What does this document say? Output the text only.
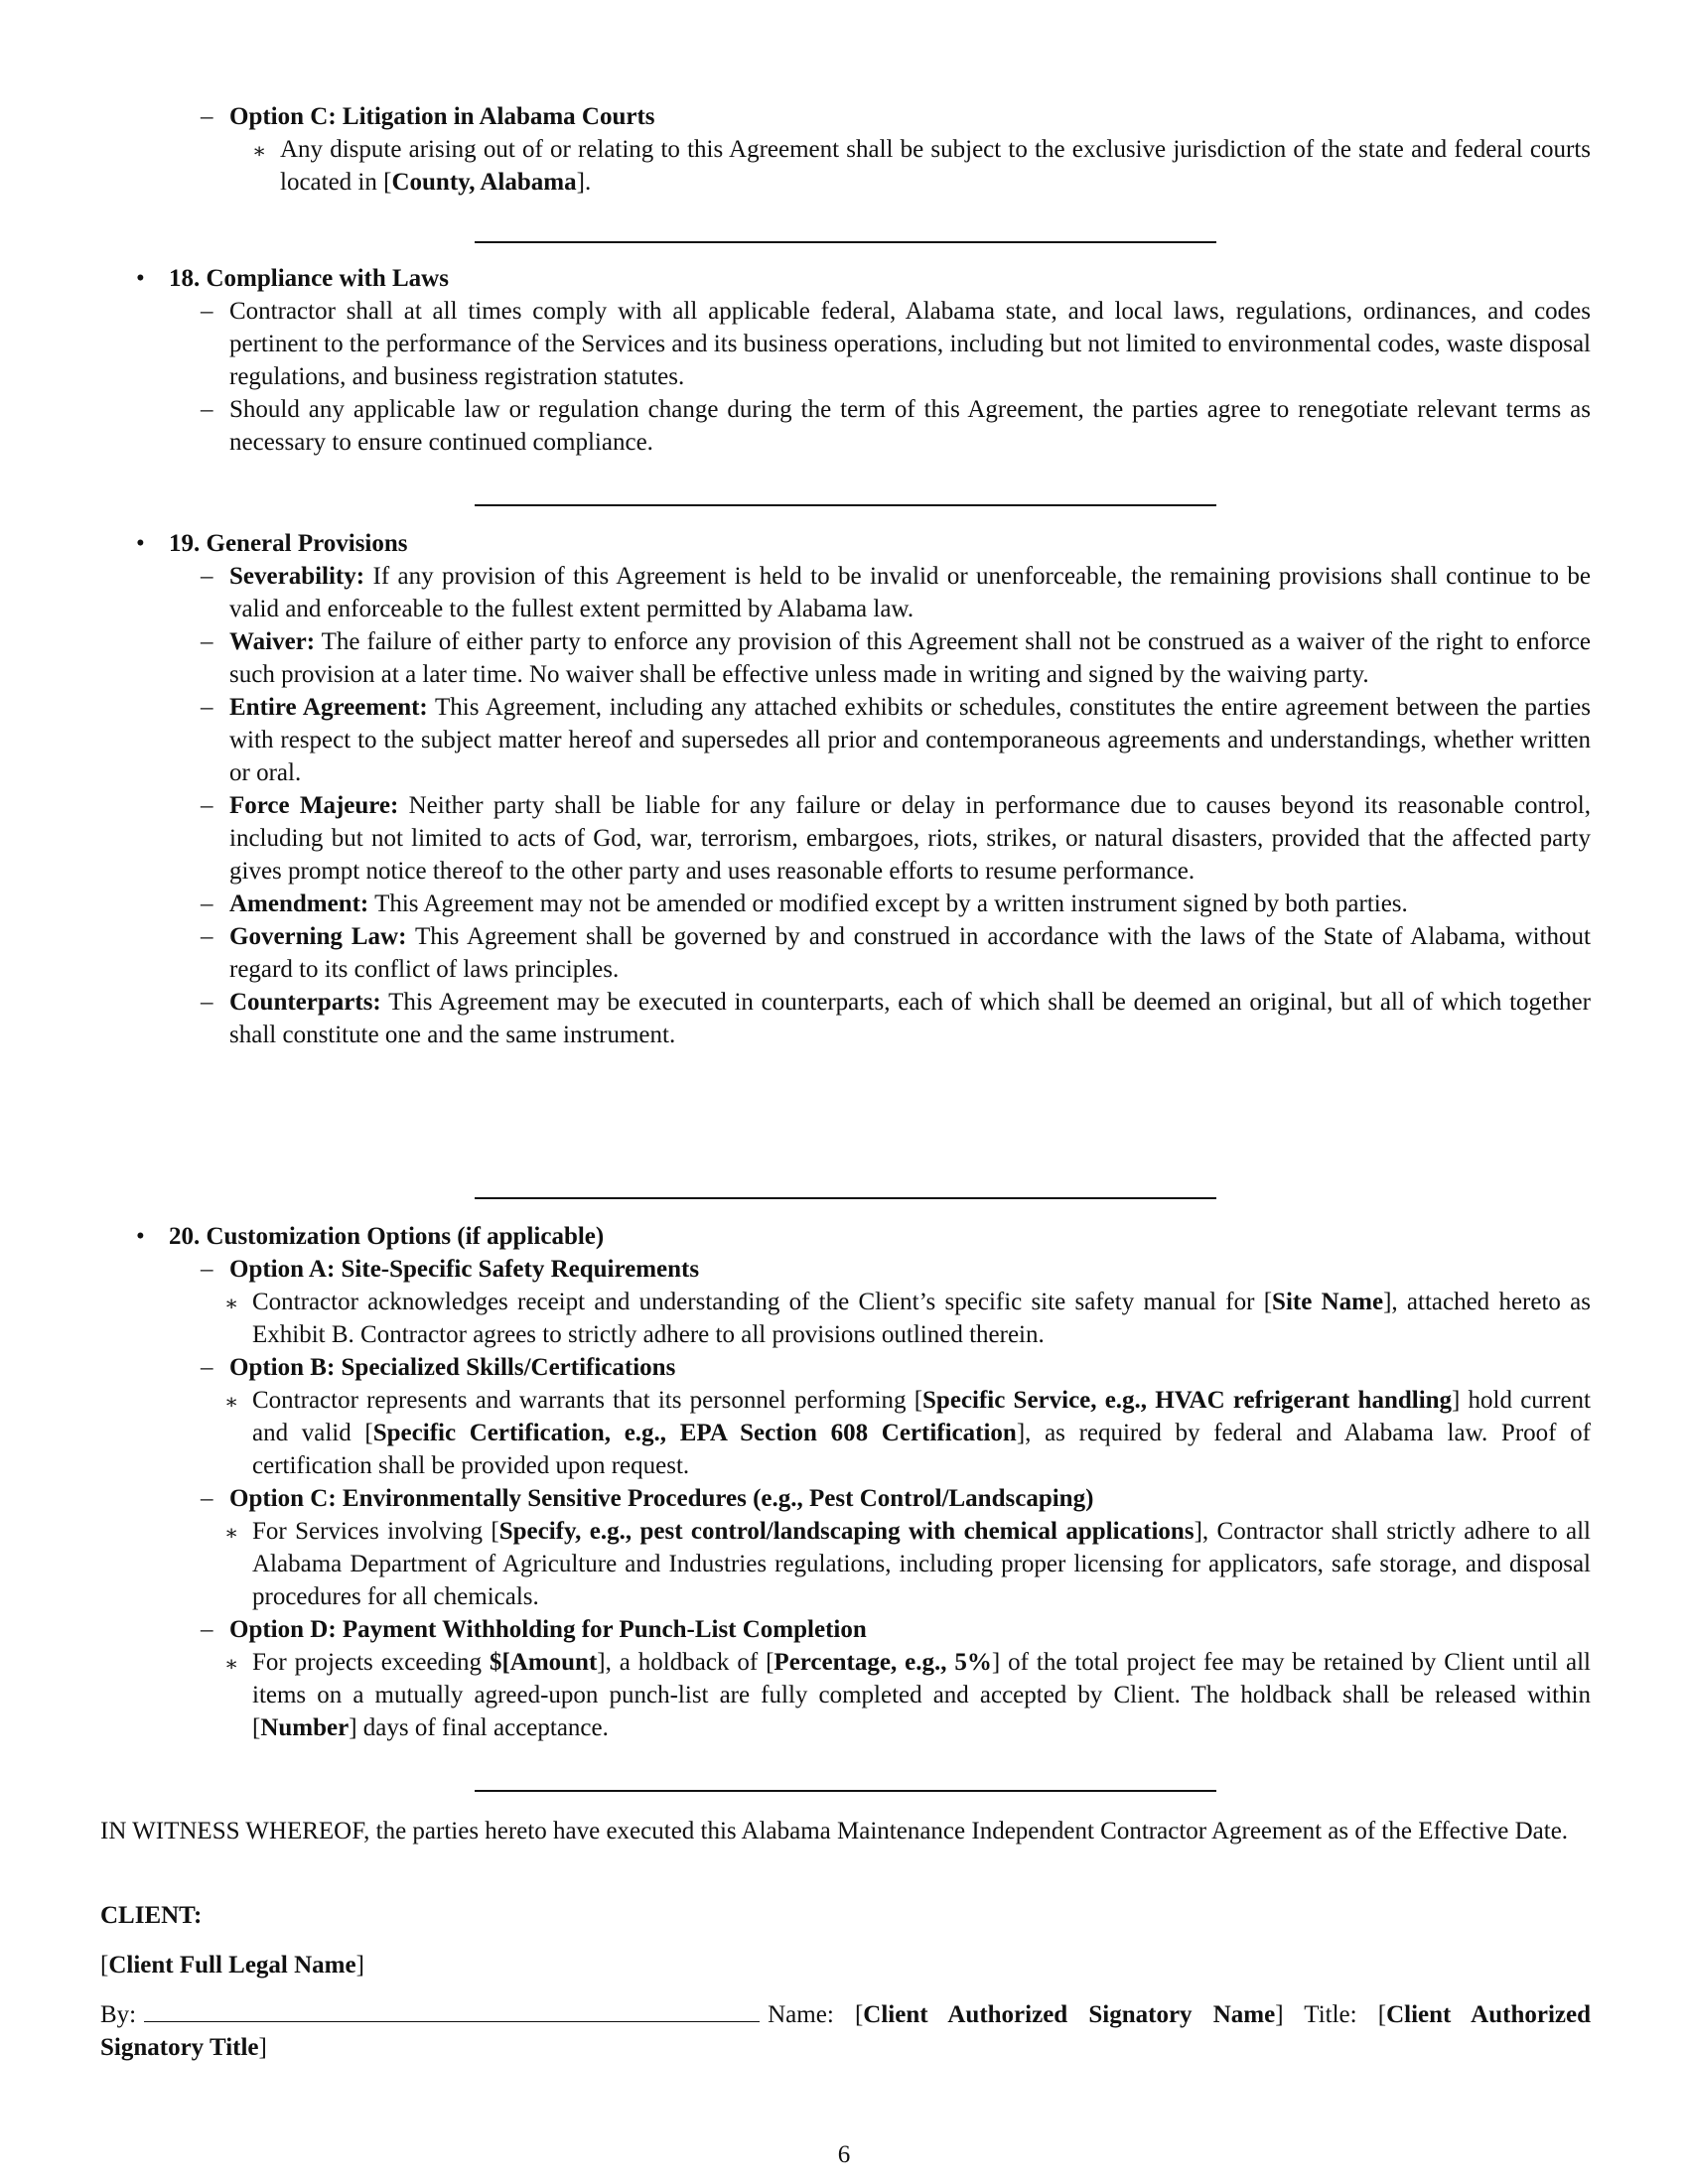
– Option C: Litigation in Alabama Courts
∗ Any dispute arising out of or relating to this Agreement shall be subject to the exclusive jurisdiction of the state and federal courts located in [County, Alabama].
• 18. Compliance with Laws
– Contractor shall at all times comply with all applicable federal, Alabama state, and local laws, regulations, ordinances, and codes pertinent to the performance of the Services and its business operations, including but not limited to environmental codes, waste disposal regulations, and business registration statutes.
– Should any applicable law or regulation change during the term of this Agreement, the parties agree to renegotiate relevant terms as necessary to ensure continued compliance.
• 19. General Provisions
– Severability: If any provision of this Agreement is held to be invalid or unenforceable, the remaining provisions shall continue to be valid and enforceable to the fullest extent permitted by Alabama law.
– Waiver: The failure of either party to enforce any provision of this Agreement shall not be construed as a waiver of the right to enforce such provision at a later time. No waiver shall be effective unless made in writing and signed by the waiving party.
– Entire Agreement: This Agreement, including any attached exhibits or schedules, constitutes the entire agreement between the parties with respect to the subject matter hereof and supersedes all prior and contemporaneous agreements and understandings, whether written or oral.
– Force Majeure: Neither party shall be liable for any failure or delay in performance due to causes beyond its reasonable control, including but not limited to acts of God, war, terrorism, embargoes, riots, strikes, or natural disasters, provided that the affected party gives prompt notice thereof to the other party and uses reasonable efforts to resume performance.
– Amendment: This Agreement may not be amended or modified except by a written instrument signed by both parties.
– Governing Law: This Agreement shall be governed by and construed in accordance with the laws of the State of Alabama, without regard to its conflict of laws principles.
– Counterparts: This Agreement may be executed in counterparts, each of which shall be deemed an original, but all of which together shall constitute one and the same instrument.
• 20. Customization Options (if applicable)
– Option A: Site-Specific Safety Requirements
∗ Contractor acknowledges receipt and understanding of the Client’s specific site safety manual for [Site Name], attached hereto as Exhibit B. Contractor agrees to strictly adhere to all provisions outlined therein.
– Option B: Specialized Skills/Certifications
∗ Contractor represents and warrants that its personnel performing [Specific Service, e.g., HVAC refrigerant handling] hold current and valid [Specific Certification, e.g., EPA Section 608 Certification], as required by federal and Alabama law. Proof of certification shall be provided upon request.
– Option C: Environmentally Sensitive Procedures (e.g., Pest Control/Landscaping)
∗ For Services involving [Specify, e.g., pest control/landscaping with chemical applications], Contractor shall strictly adhere to all Alabama Department of Agriculture and Industries regulations, including proper licensing for applicators, safe storage, and disposal procedures for all chemicals.
– Option D: Payment Withholding for Punch-List Completion
∗ For projects exceeding $[Amount], a holdback of [Percentage, e.g., 5%] of the total project fee may be retained by Client until all items on a mutually agreed-upon punch-list are fully completed and accepted by Client. The holdback shall be released within [Number] days of final acceptance.
IN WITNESS WHEREOF, the parties hereto have executed this Alabama Maintenance Independent Contractor Agreement as of the Effective Date.
CLIENT:
[Client Full Legal Name]
By:	Name: [Client Authorized Signatory Name] Title: [Client Authorized Signatory Title]
6
